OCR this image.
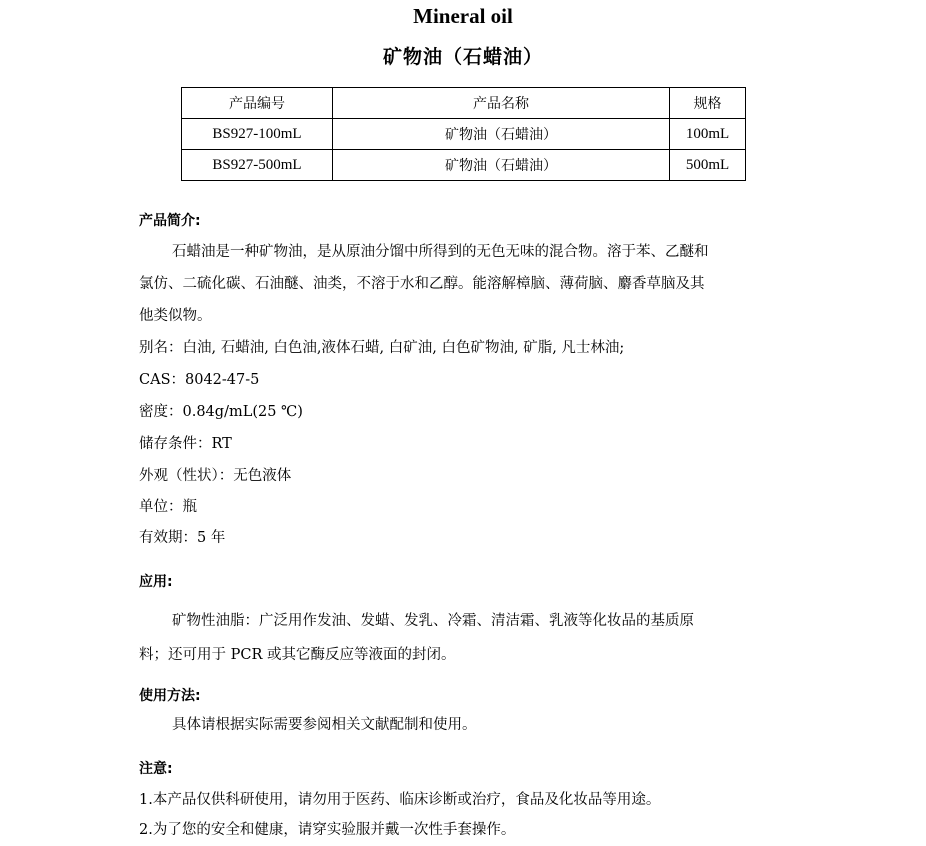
Mineral oil
矿物油（石蜡油）
产品编号	产品名称	规格
BS927-100mL	矿物油（石蜡油）	100mL
BS927-500mL	矿物油（石蜡油）	500mL
产品简介:
石蜡油是一种矿物油，是从原油分馏中所得到的无色无味的混合物。溶于苯、乙醚和
氯仿、二硫化碳、石油醚、油类，不溶于水和乙醇。能溶解樟脑、薄荷脑、麝香草脑及其
他类似物。
别名：白油, 石蜡油, 白色油,液体石蜡, 白矿油, 白色矿物油, 矿脂, 凡士林油;
CAS：8042-47-5
密度：0.84g/mL(25 ℃)
储存条件：RT
外观（性状）：无色液体
单位：瓶
有效期：5 年
应用:
矿物性油脂：广泛用作发油、发蜡、发乳、冷霜、清洁霜、乳液等化妆品的基质原
料；还可用于 PCR 或其它酶反应等液面的封闭。
使用方法:
具体请根据实际需要参阅相关文献配制和使用。
注意:
1.本产品仅供科研使用，请勿用于医药、临床诊断或治疗，食品及化妆品等用途。
2.为了您的安全和健康，请穿实验服并戴一次性手套操作。
